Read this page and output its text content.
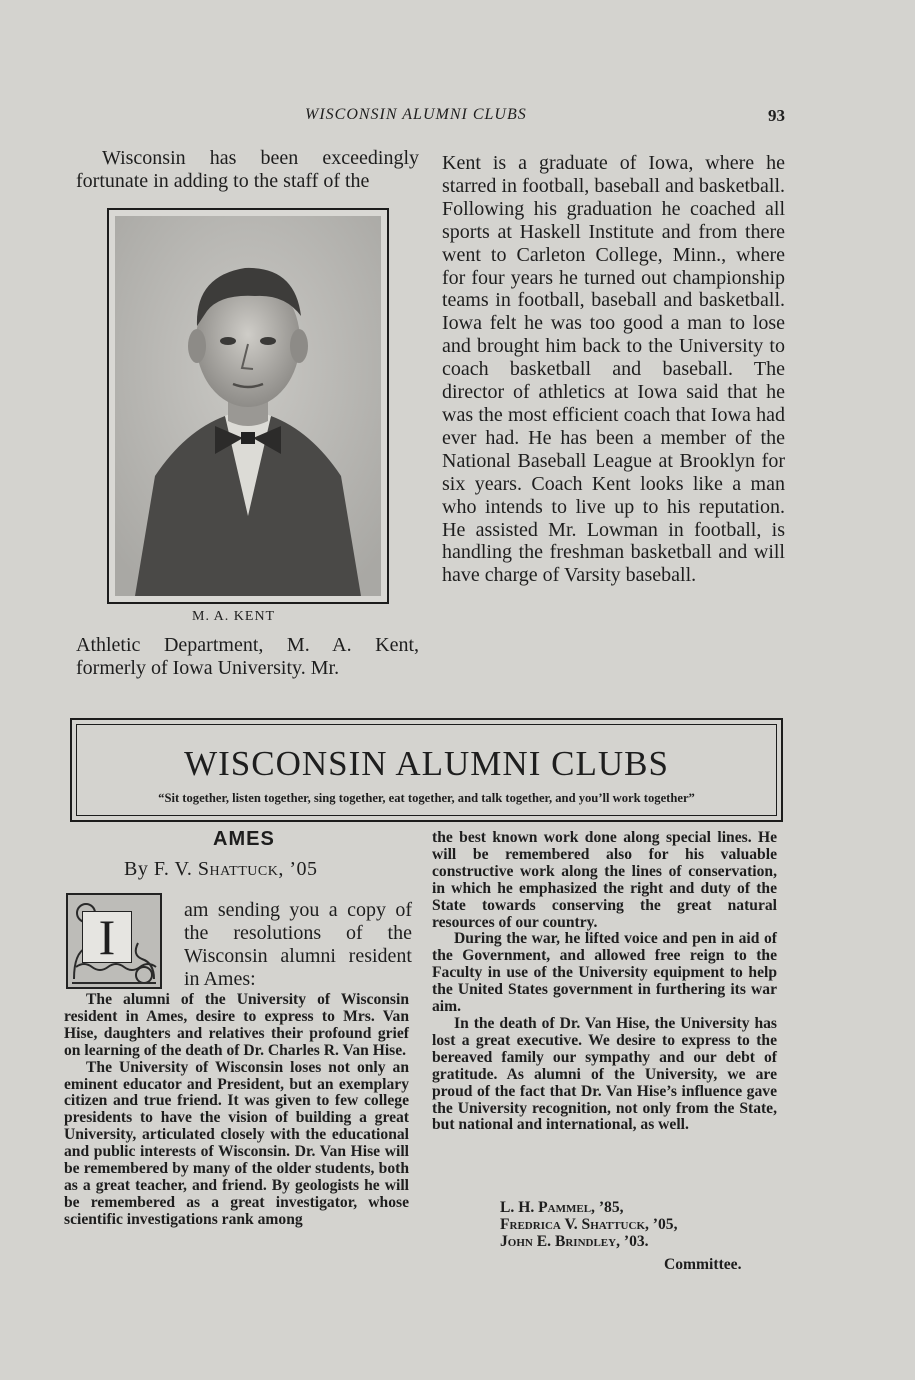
WISCONSIN ALUMNI CLUBS	93

Wisconsin has been exceedingly fortunate in adding to the staff of the

M. A. KENT

Athletic Department, M. A. Kent, formerly of Iowa University. Mr.

Kent is a graduate of Iowa, where he starred in football, baseball and basketball. Following his graduation he coached all sports at Haskell Institute and from there went to Carleton College, Minn., where for four years he turned out championship teams in football, baseball and basketball. Iowa felt he was too good a man to lose and brought him back to the University to coach basketball and baseball. The director of athletics at Iowa said that he was the most efficient coach that Iowa had ever had. He has been a member of the National Baseball League at Brooklyn for six years. Coach Kent looks like a man who intends to live up to his reputation. He assisted Mr. Lowman in football, is handling the freshman basketball and will have charge of Varsity baseball.

WISCONSIN ALUMNI CLUBS
“Sit together, listen together, sing together, eat together, and talk together, and you’ll work together”
AMES
By F. V. Shattuck, ’05
I	am sending you a copy of the resolutions of the Wisconsin alumni resident in Ames:

The alumni of the University of Wisconsin resident in Ames, desire to express to Mrs. Van Hise, daughters and relatives their profound grief on learning of the death of Dr. Charles R. Van Hise.

The University of Wisconsin loses not only an eminent educator and President, but an exemplary citizen and true friend. It was given to few college presidents to have the vision of building a great University, articulated closely with the educational and public interests of Wisconsin. Dr. Van Hise will be remembered by many of the older students, both as a great teacher, and friend. By geologists he will be remembered as a great investigator, whose scientific investigations rank among

the best known work done along special lines. He will be remembered also for his valuable constructive work along the lines of conservation, in which he emphasized the right and duty of the State towards conserving the great natural resources of our country.

During the war, he lifted voice and pen in aid of the Government, and allowed free reign to the Faculty in use of the University equipment to help the United States government in furthering its war aim.

In the death of Dr. Van Hise, the University has lost a great executive. We desire to express to the bereaved family our sympathy and our debt of gratitude. As alumni of the University, we are proud of the fact that Dr. Van Hise’s influence gave the University recognition, not only from the State, but national and international, as well.

L. H. Pammel, ’85,
Fredrica V. Shattuck, ’05,
John E. Brindley, ’03.
Committee.
